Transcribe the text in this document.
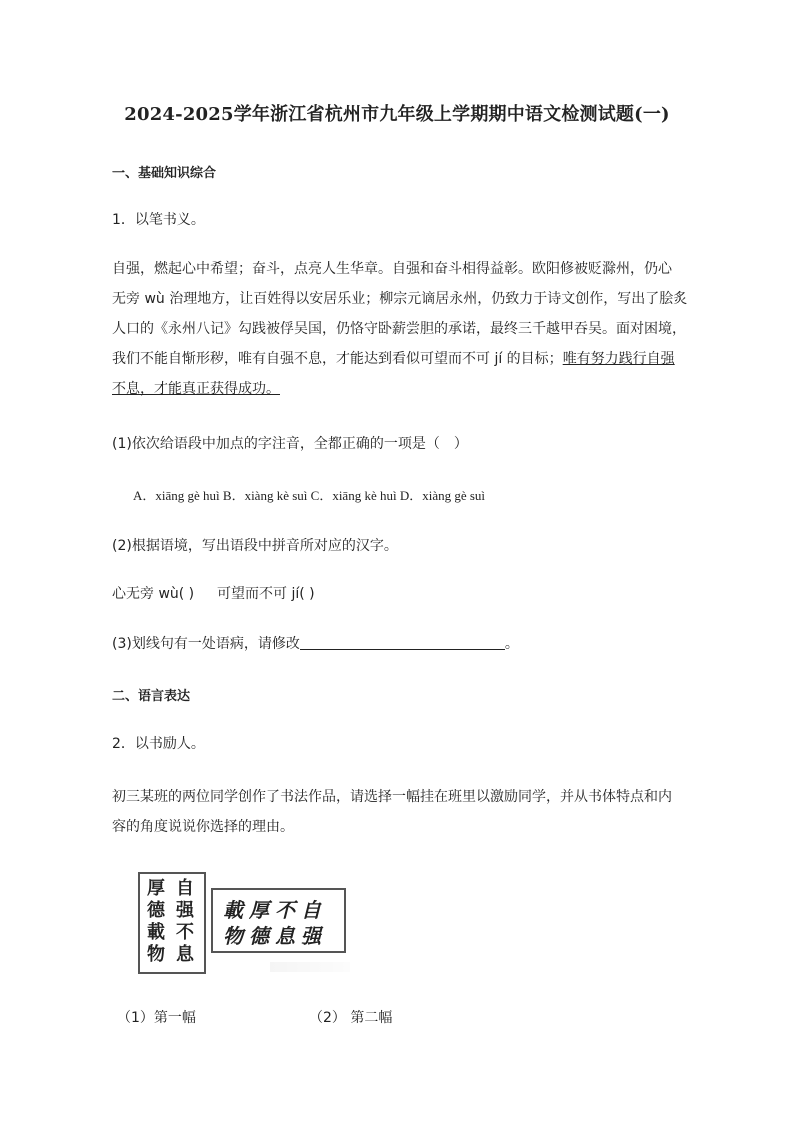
2024-2025学年浙江省杭州市九年级上学期期中语文检测试题(一)
一、基础知识综合
1．以笔书义。
自强，燃起心中希望；奋斗，点亮人生华章。自强和奋斗相得益彰。欧阳修被贬滁州，仍心
无旁 wù 治理地方，让百姓得以安居乐业；柳宗元谪居永州，仍致力于诗文创作，写出了脍炙
人口的《永州八记》勾践被俘吴国，仍恪守卧薪尝胆的承诺，最终三千越甲吞吴。面对困境，
我们不能自惭形秽，唯有自强不息，才能达到看似可望而不可 jí 的目标；唯有努力践行自强
不息，才能真正获得成功。
(1)依次给语段中加点的字注音，全都正确的一项是（　）
A．xiāng gè huì B．xiàng kè suì C．xiāng kè huì D．xiàng gè suì
(2)根据语境，写出语段中拼音所对应的汉字。
心无旁 wù( ) 可望而不可 jí( )
(3)划线句有一处语病，请修改	。
二、语言表达
2．以书励人。
初三某班的两位同学创作了书法作品，请选择一幅挂在班里以激励同学，并从书体特点和内
容的角度说说你选择的理由。
自强不息
厚德載物
載厚不自
物德息强
（1）第一幅	（2） 第二幅
